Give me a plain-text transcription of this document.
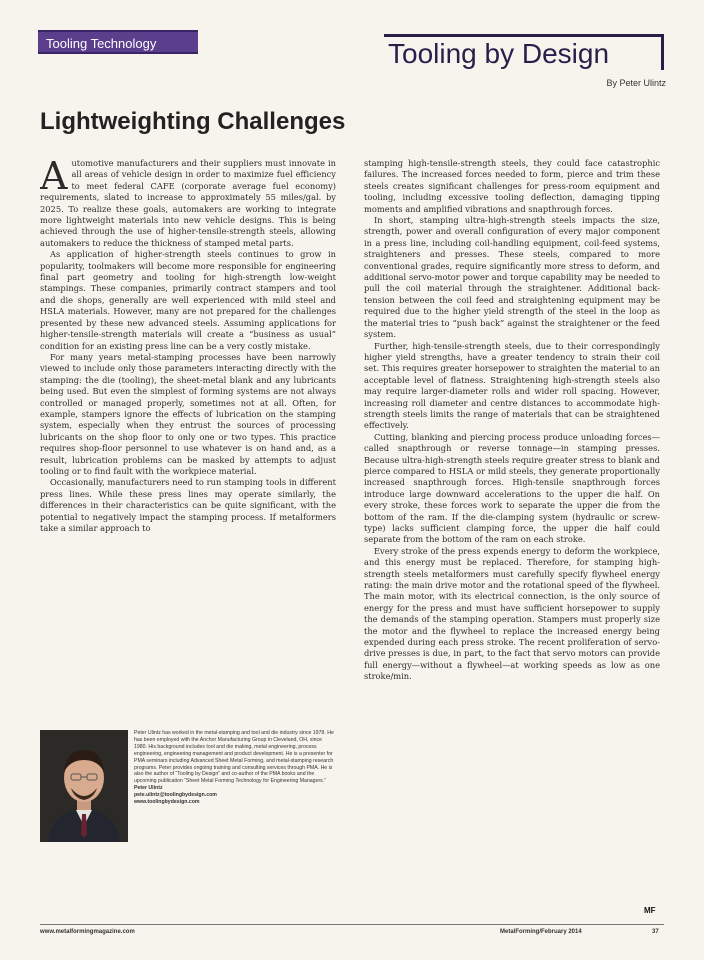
Tooling Technology	Tooling by Design
By Peter Ulintz
Lightweighting Challenges

Automotive manufacturers and their suppliers must innovate in all areas of vehicle design in order to maximize fuel efficiency to meet federal CAFE (corporate average fuel economy) requirements, slated to increase to approximately 55 miles/gal. by 2025. To realize these goals, automakers are working to integrate more lightweight materials into new vehicle designs. This is being achieved through the use of higher-tensile-strength steels, allowing automakers to reduce the thickness of stamped metal parts.

As application of higher-strength steels continues to grow in popularity, toolmakers will become more responsible for engineering final part geometry and tooling for high-strength low-weight stampings. These companies, primarily contract stampers and tool and die shops, generally are well experienced with mild steel and HSLA materials. However, many are not prepared for the challenges presented by these new advanced steels. Assuming applications for higher-tensile-strength materials will create a “business as usual” condition for an existing press line can be a very costly mistake.

For many years metal-stamping processes have been narrowly viewed to include only those parameters interacting directly with the stamping: the die (tooling), the sheet-metal blank and any lubricants being used. But even the simplest of forming systems are not always controlled or managed properly, sometimes not at all. Often, for example, stampers ignore the effects of lubrication on the stamping system, especially when they entrust the sources of processing lubricants on the shop floor to only one or two types. This practice requires shop-floor personnel to use whatever is on hand and, as a result, lubrication problems can be masked by attempts to adjust tooling or to find fault with the workpiece material.

Occasionally, manufacturers need to run stamping tools in different press lines. While these press lines may operate similarly, the differences in their characteristics can be quite significant, with the potential to negatively impact the stamping process. If metalformers take a similar approach to

stamping high-tensile-strength steels, they could face catastrophic failures. The increased forces needed to form, pierce and trim these steels creates significant challenges for press-room equipment and tooling, including excessive tooling deflection, damaging tipping moments and amplified vibrations and snapthrough forces.

In short, stamping ultra-high-strength steels impacts the size, strength, power and overall configuration of every major component in a press line, including coil-handling equipment, coil-feed systems, straighteners and presses. These steels, compared to more conventional grades, require significantly more stress to deform, and additional servo-motor power and torque capability may be needed to pull the coil material through the straightener. Additional back-tension between the coil feed and straightening equipment may be required due to the higher yield strength of the steel in the loop as the material tries to “push back” against the straightener or the feed system.

Further, high-tensile-strength steels, due to their correspondingly higher yield strengths, have a greater tendency to strain their coil set. This requires greater horsepower to straighten the material to an acceptable level of flatness. Straightening high-strength steels also may require larger-diameter rolls and wider roll spacing. However, increasing roll diameter and centre distances to accommodate high-strength steels limits the range of materials that can be straightened effectively.

Cutting, blanking and piercing process produce unloading forces—called snapthrough or reverse tonnage—in stamping presses. Because ultra-high-strength steels require greater stress to blank and pierce compared to HSLA or mild steels, they generate proportionally increased snapthrough forces. High-tensile snapthrough forces introduce large downward accelerations to the upper die half. On every stroke, these forces work to separate the upper die from the bottom of the ram. If the die-clamping system (hydraulic or screw-type) lacks sufficient clamping force, the upper die half could separate from the bottom of the ram on each stroke.

Every stroke of the press expends energy to deform the workpiece, and this energy must be replaced. Therefore, for stamping high-strength steels metalformers must carefully specify flywheel energy rating: the main drive motor and the rotational speed of the flywheel. The main motor, with its electrical connection, is the only source of energy for the press and must have sufficient horsepower to supply the demands of the stamping operation. Stampers must properly size the motor and the flywheel to replace the increased energy being expended during each press stroke. The recent proliferation of servo-drive presses is due, in part, to the fact that servo motors can provide full energy—without a flywheel—at working speeds as low as one stroke/min.

Peter Ulintz has worked in the metal-stamping and tool and die industry since 1978. He has been employed with the Anchor Manufacturing Group in Cleveland, OH, since 1980. His background includes tool and die making, metal engineering, process engineering, engineering management and product development. He is a presenter for PMA seminars including Advanced Sheet Metal Forming, and metal-stamping research programs. Peter provides ongoing training and consulting services through PMA. He is also the author of “Tooling by Design” and co-author of the PMA books and the upcoming publication “Sheet Metal Forming Technology for Engineering Managers.”
Peter Ulintz
pete.ulintz@toolingbydesign.com
www.toolingbydesign.com
MF
www.metalformingmagazine.com	MetalForming/February 2014	37
